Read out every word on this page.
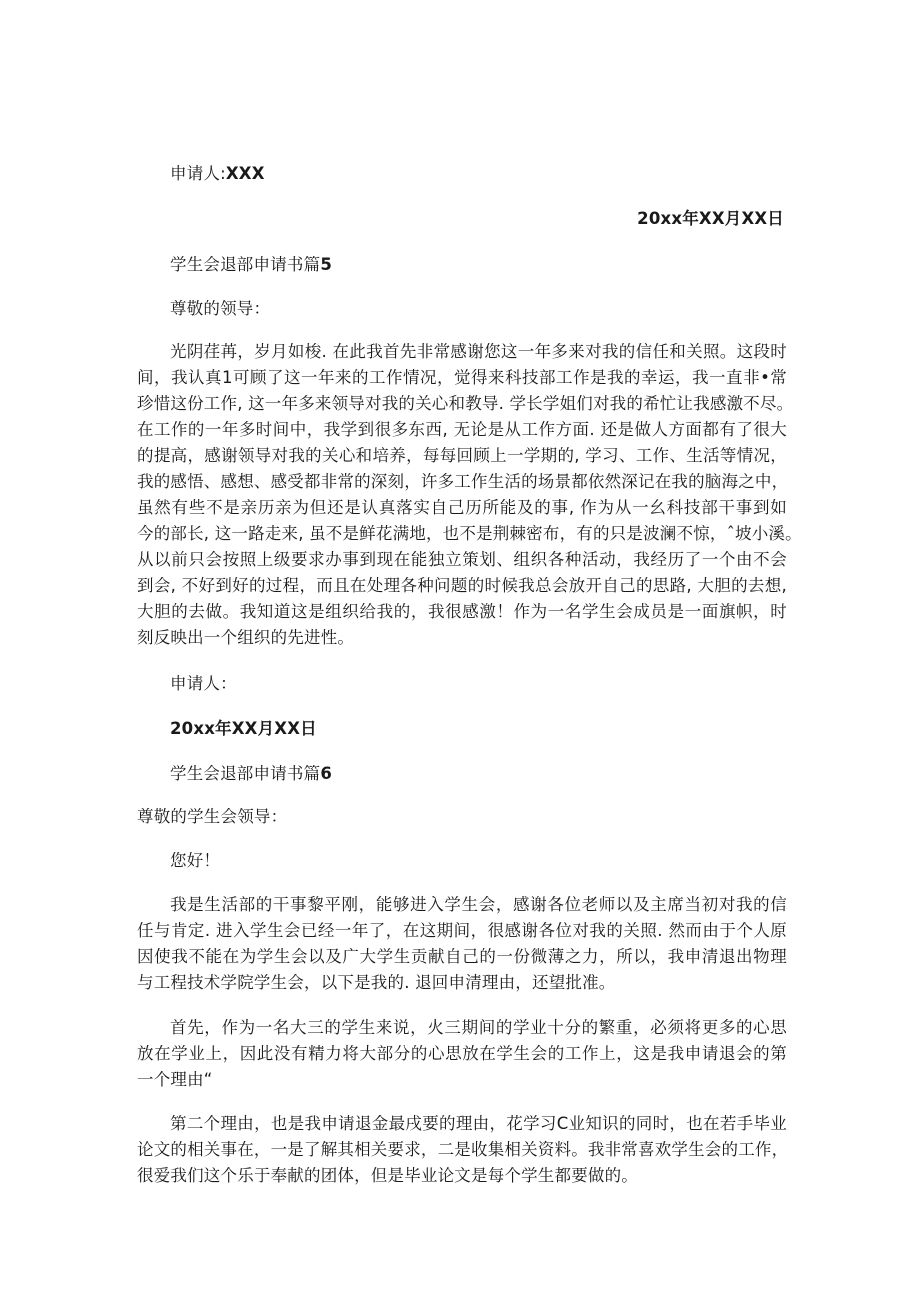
申请人:XXX

20xx年XX月XX日

学生会退部申请书篇5

尊敬的领导：

光阴荏苒，岁月如梭. 在此我首先非常感谢您这一年多来对我的信任和关照。这段时

间，我认真1可顾了这一年来的工作情况，觉得来科技部工作是我的幸运，我一直非•常

珍惜这份工作, 这一年多来领导对我的关心和教导. 学长学姐们对我的希忙让我感激不尽。

在工作的一年多时间中，我学到很多东西, 无论是从工作方面. 还是做人方面都有了很大

的提高，感谢领导对我的关心和培养，每每回顾上一学期的, 学习、工作、生活等情况，

我的感悟、感想、感受都非常的深刻，许多工作生活的场景都依然深记在我的脑海之中，

虽然有些不是亲历亲为但还是认真落实自己历所能及的事, 作为从一幺科技部干事到如

今的部长, 这一路走来, 虽不是鲜花满地，也不是荆棘密布，有的只是波澜不惊，ˆ坡小溪。

从以前只会按照上级要求办事到现在能独立策划、组织各种活动，我经历了一个由不会

到会, 不好到好的过程，而且在处理各种问题的时候我总会放开自己的思路, 大胆的去想,

大胆的去做。我知道这是组织给我的，我很感激！作为一名学生会成员是一面旗帜，时

刻反映出一个组织的先进性。

申请人：

20xx年XX月XX日

学生会退部申请书篇6

尊敬的学生会领导：

您好！

我是生活部的干事黎平刚，能够进入学生会，感谢各位老师以及主席当初对我的信

任与肯定. 进入学生会已经一年了，在这期间，很感谢各位对我的关照. 然而由于个人原

因使我不能在为学生会以及广大学生贡献自己的一份微薄之力，所以，我申清退出物理

与工程技术学院学生会，以下是我的. 退回申清理由，还望批准。

首先，作为一名大三的学生来说，火三期间的学业十分的繁重，必须将更多的心思

放在学业上，因此没有精力将大部分的心思放在学生会的工作上，这是我申请退会的第

一个理由“

第二个理由，也是我申请退金最戌要的理由，花学习C业知识的同时，也在若手毕业

论文的相关事在，一是了解其相关要求，二是收集相关资料。我非常喜欢学生会的工作，

很爱我们这个乐于奉献的团体，但是毕业论文是每个学生都要做的。
